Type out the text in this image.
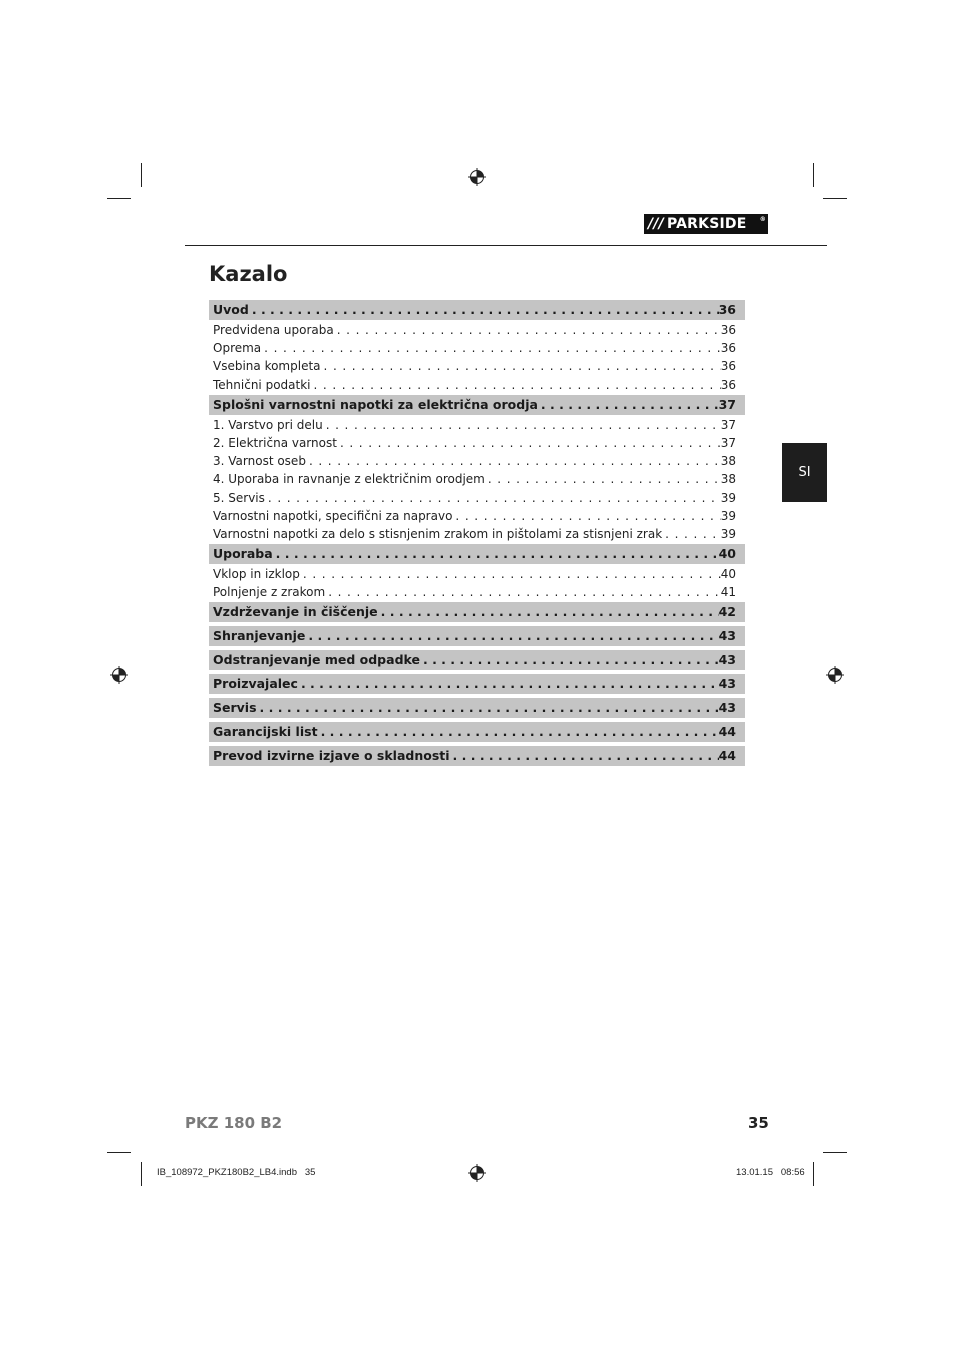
/// PARKSIDE ®
Kazalo
Uvod . . .	36
Predvidena uporaba . . .	36
Oprema . . .	36
Vsebina kompleta . . .	36
Tehnični podatki . . .	36
Splošni varnostni napotki za električna orodja . . .	37
1. Varstvo pri delu . . .	37
2. Električna varnost . . .	37
3. Varnost oseb . . .	38
4. Uporaba in ravnanje z električnim orodjem . . .	38
5. Servis . . .	39
Varnostni napotki, specifični za napravo . . .	39
Varnostni napotki za delo s stisnjenim zrakom in pištolami za stisnjeni zrak . . .	39
Uporaba . . .	40
Vklop in izklop . . .	40
Polnjenje z zrakom . . .	41
Vzdrževanje in čiščenje . . .	42
Shranjevanje . . .	43
Odstranjevanje med odpadke . . .	43
Proizvajalec . . .	43
Servis . . .	43
Garancijski list . . .	44
Prevod izvirne izjave o skladnosti . . .	44
SI
PKZ 180 B2	35
IB_108972_PKZ180B2_LB4.indb   35	13.01.15   08:56
